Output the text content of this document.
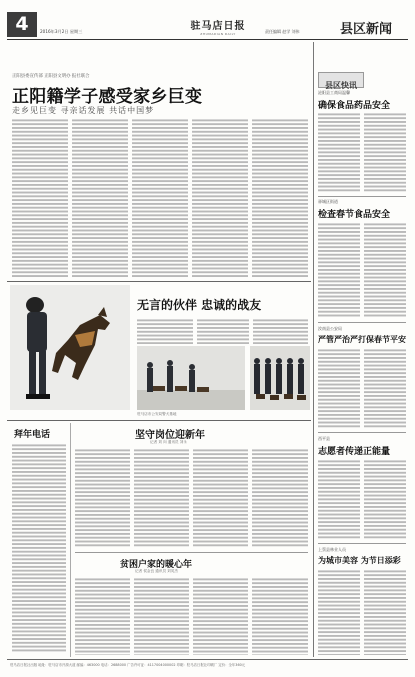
4	2016年3月2日 星期三	驻马店日报
ZHUMADIAN DAILY	责任编辑 赵学 刘伟	县区新闻
正阳县委宣传部 正阳县文明办 报社联合
正阳籍学子感受家乡巨变
走乡见巨变 寻亲话发展 共话中国梦
无言的伙伴 忠诚的战友
驻马店市公安局警犬基地
拜年电话	坚守岗位迎新年
记者 刘 向 通讯员 刘永
贫困户家的暖心年
记者 侯金良 通讯员 刘英杰
县区快讯
泌阳县工商局温馨
确保食品药品安全
驿城区街道
检查春节食品安全
汝南县公安局
严管严治严打保春节平安
西平县
志愿者传递正能量
上蔡县林业人员
为城市美容 为节日添彩
驻马店日报社出版 地址：驻马店市开源大道 邮编：463000 电话：2688000 广告许可证：4117004000002 印刷：驻马店日报社印刷厂 定价：全年360元
